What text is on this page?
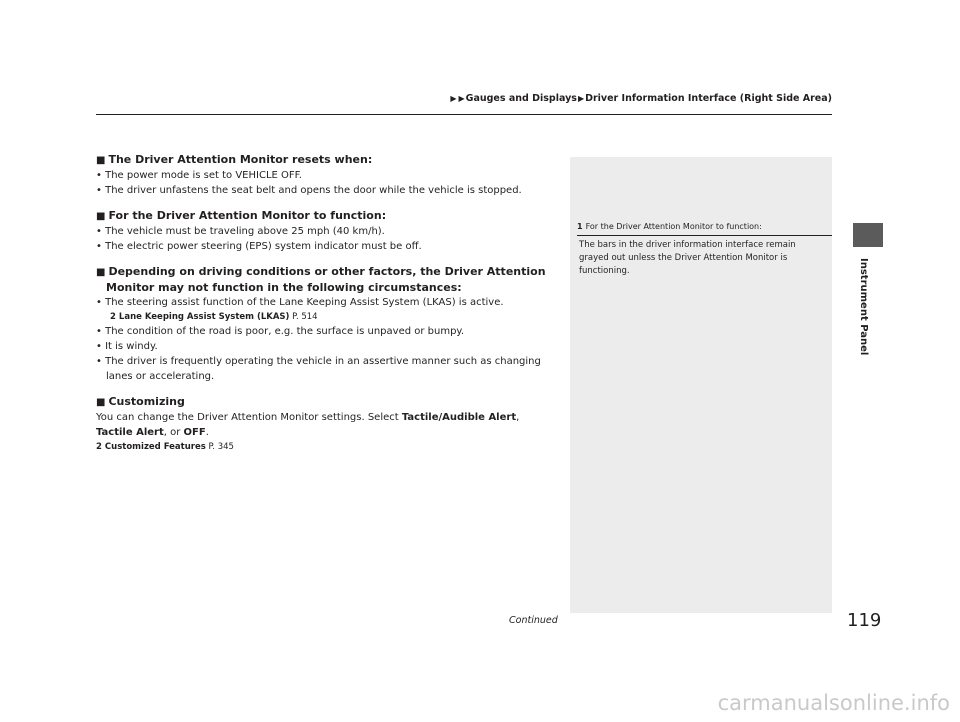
▶ ▶Gauges and Displays▶Driver Information Interface (Right Side Area)
Instrument Panel
■ The Driver Attention Monitor resets when:
• The power mode is set to VEHICLE OFF.
• The driver unfastens the seat belt and opens the door while the vehicle is stopped.
■ For the Driver Attention Monitor to function:
• The vehicle must be traveling above 25 mph (40 km/h).
• The electric power steering (EPS) system indicator must be off.
■ Depending on driving conditions or other factors, the Driver Attention Monitor may not function in the following circumstances:
• The steering assist function of the Lane Keeping Assist System (LKAS) is active.
2 Lane Keeping Assist System (LKAS) P. 514
• The condition of the road is poor, e.g. the surface is unpaved or bumpy.
• It is windy.
• The driver is frequently operating the vehicle in an assertive manner such as changing lanes or accelerating.
■ Customizing
You can change the Driver Attention Monitor settings. Select Tactile/Audible Alert, Tactile Alert, or OFF.
2 Customized Features P. 345
1 For the Driver Attention Monitor to function:
The bars in the driver information interface remain grayed out unless the Driver Attention Monitor is functioning.
Continued	119
carmanualsonline.info
